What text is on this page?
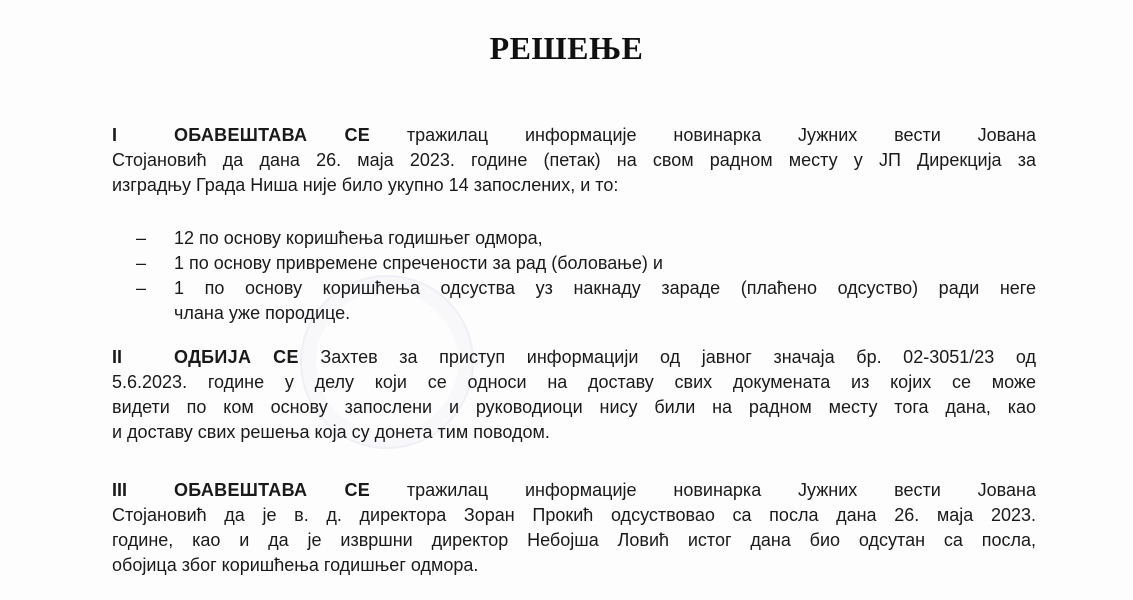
РЕШЕЊЕ
I	ОБАВЕШТАВА СЕ тражилац информације новинарка Јужних вести Јована
Стојановић да дана 26. маја 2023. године (петак) на свом радном месту у ЈП Дирекција за
изградњу Града Ниша није било укупно 14 запослених, и то:
–	12 по основу коришћења годишњег одмора,
–	1 по основу привремене спречености за рад (боловање) и
–	1 по основу коришћења одсуства уз накнаду зараде (плаћено одсуство) ради неге
члана уже породице.
II	ОДБИЈА СЕ Захтев за приступ информацији од јавног значаја бр. 02-3051/23 од
5.6.2023. године у делу који се односи на доставу свих докумената из којих се може
видети по ком основу запослени и руководиоци нису били на радном месту тога дана, као
и доставу свих решења која су донета тим поводом.
III	ОБАВЕШТАВА СЕ тражилац информације новинарка Јужних вести Јована
Стојановић да је в. д. директора Зоран Прокић одсуствовао са посла дана 26. маја 2023.
године, као и да је извршни директор Небојша Ловић истог дана био одсутан са посла,
обојица због коришћења годишњег одмора.
